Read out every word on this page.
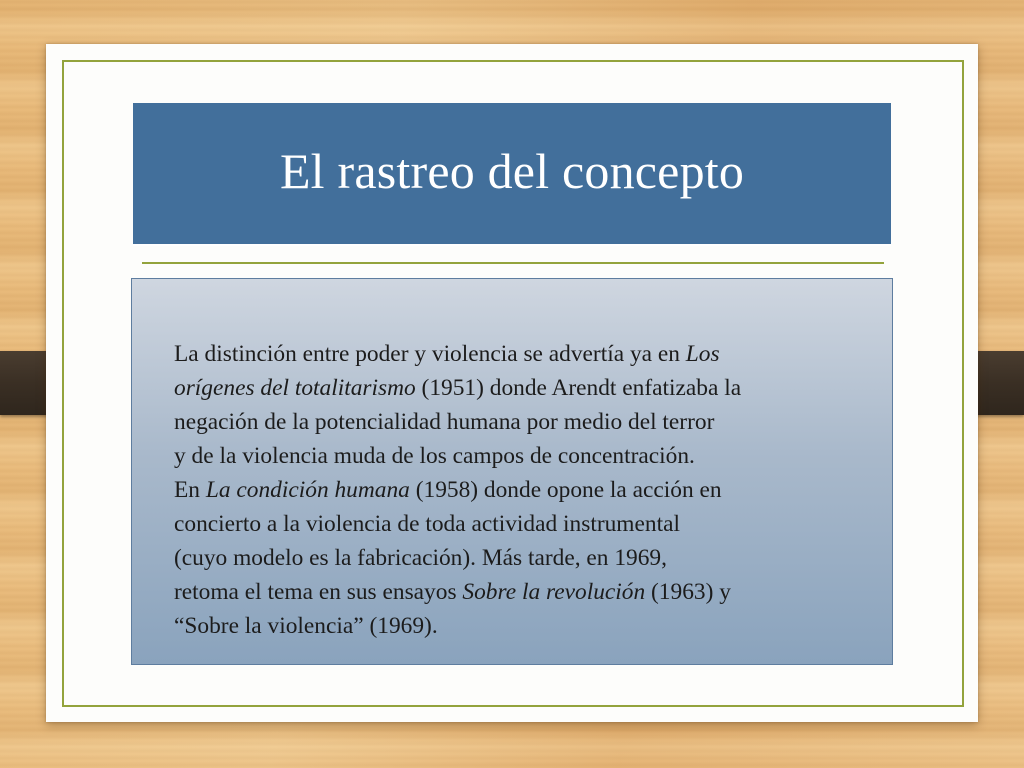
El rastreo del concepto

La distinción entre poder y violencia se advertía ya en Los
orígenes del totalitarismo (1951) donde Arendt enfatizaba la
negación de la potencialidad humana por medio del terror
y de la violencia muda de los campos de concentración.
En La condición humana (1958) donde opone la acción en
concierto a la violencia de toda actividad instrumental
(cuyo modelo es la fabricación). Más tarde, en 1969,
retoma el tema en sus ensayos Sobre la revolución (1963) y
“Sobre la violencia” (1969).
